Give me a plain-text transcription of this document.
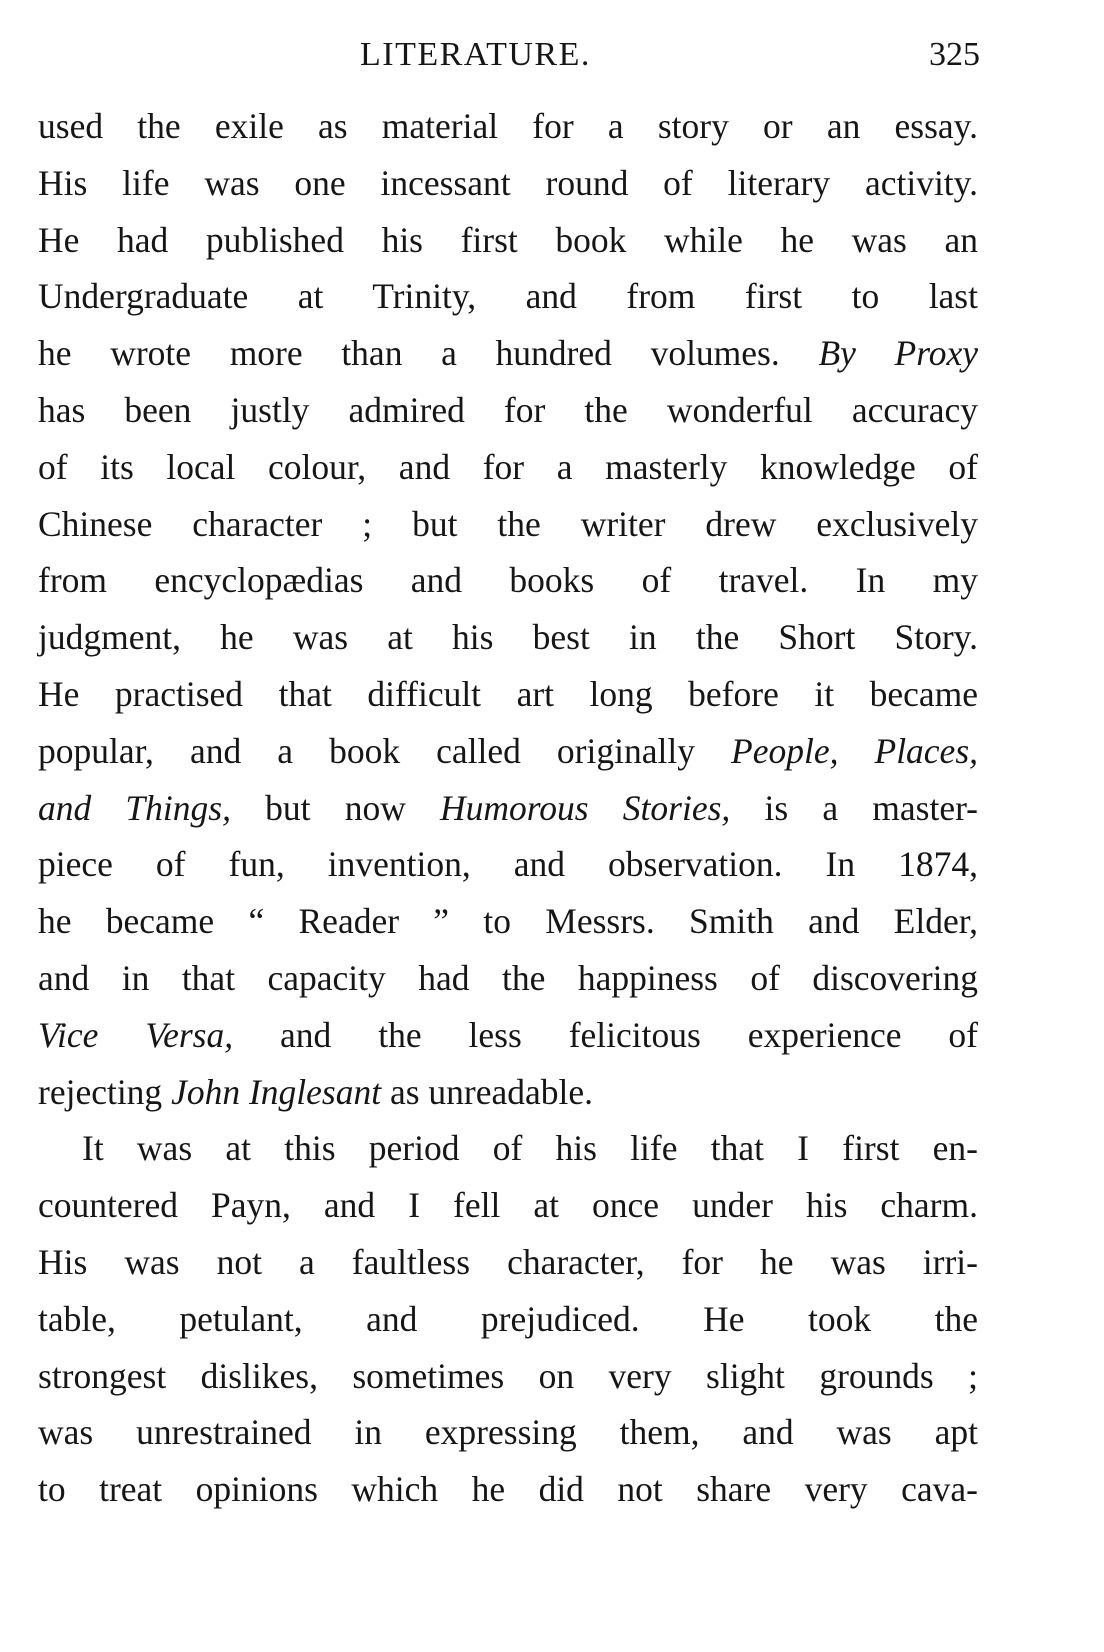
LITERATURE.	325
used the exile as material for a story or an essay.
His life was one incessant round of literary activity.
He had published his first book while he was an
Undergraduate at Trinity, and from first to last
he wrote more than a hundred volumes. By Proxy
has been justly admired for the wonderful accuracy
of its local colour, and for a masterly knowledge of
Chinese character ; but the writer drew exclusively
from encyclopædias and books of travel. In my
judgment, he was at his best in the Short Story.
He practised that difficult art long before it became
popular, and a book called originally People, Places,
and Things, but now Humorous Stories, is a master-
piece of fun, invention, and observation. In 1874,
he became “ Reader ” to Messrs. Smith and Elder,
and in that capacity had the happiness of discovering
Vice Versa, and the less felicitous experience of
rejecting John Inglesant as unreadable.
It was at this period of his life that I first en-
countered Payn, and I fell at once under his charm.
His was not a faultless character, for he was irri-
table, petulant, and prejudiced. He took the
strongest dislikes, sometimes on very slight grounds ;
was unrestrained in expressing them, and was apt
to treat opinions which he did not share very cava-
